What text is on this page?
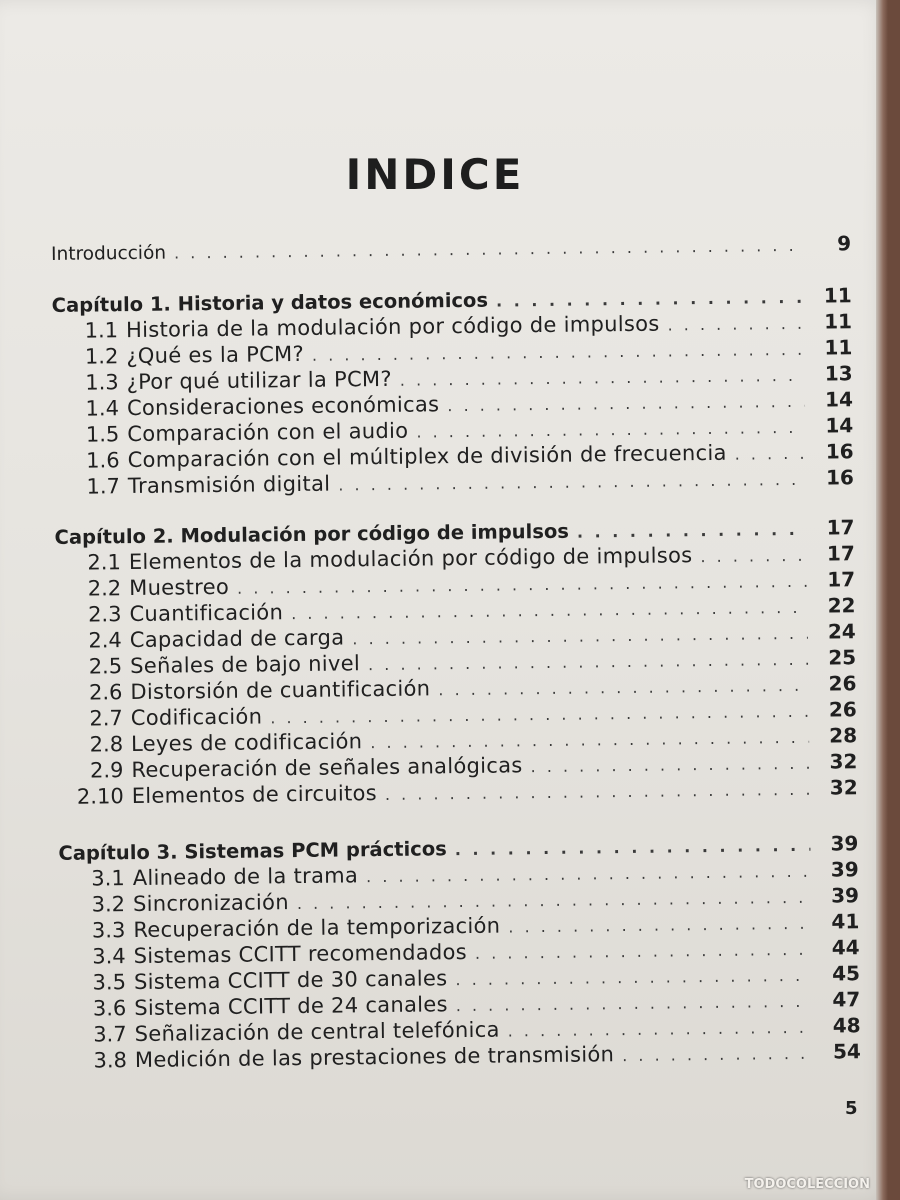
INDICE
Introducción . . .	9
Capítulo 1. Historia y datos económicos . . .	11
1.1 Historia de la modulación por código de impulsos . . .	11
1.2 ¿Qué es la PCM? . . .	11
1.3 ¿Por qué utilizar la PCM? . . .	13
1.4 Consideraciones económicas . . .	14
1.5 Comparación con el audio . . .	14
1.6 Comparación con el múltiplex de división de frecuencia . . .	16
1.7 Transmisión digital . . .	16
Capítulo 2. Modulación por código de impulsos . . .	17
2.1 Elementos de la modulación por código de impulsos . . .	17
2.2 Muestreo . . .	17
2.3 Cuantificación . . .	22
2.4 Capacidad de carga . . .	24
2.5 Señales de bajo nivel . . .	25
2.6 Distorsión de cuantificación . . .	26
2.7 Codificación . . .	26
2.8 Leyes de codificación . . .	28
2.9 Recuperación de señales analógicas . . .	32
2.10 Elementos de circuitos . . .	32
Capítulo 3. Sistemas PCM prácticos . . .	39
3.1 Alineado de la trama . . .	39
3.2 Sincronización . . .	39
3.3 Recuperación de la temporización . . .	41
3.4 Sistemas CCITT recomendados . . .	44
3.5 Sistema CCITT de 30 canales . . .	45
3.6 Sistema CCITT de 24 canales . . .	47
3.7 Señalización de central telefónica . . .	48
3.8 Medición de las prestaciones de transmisión . . .	54
5
TODOCOLECCION
